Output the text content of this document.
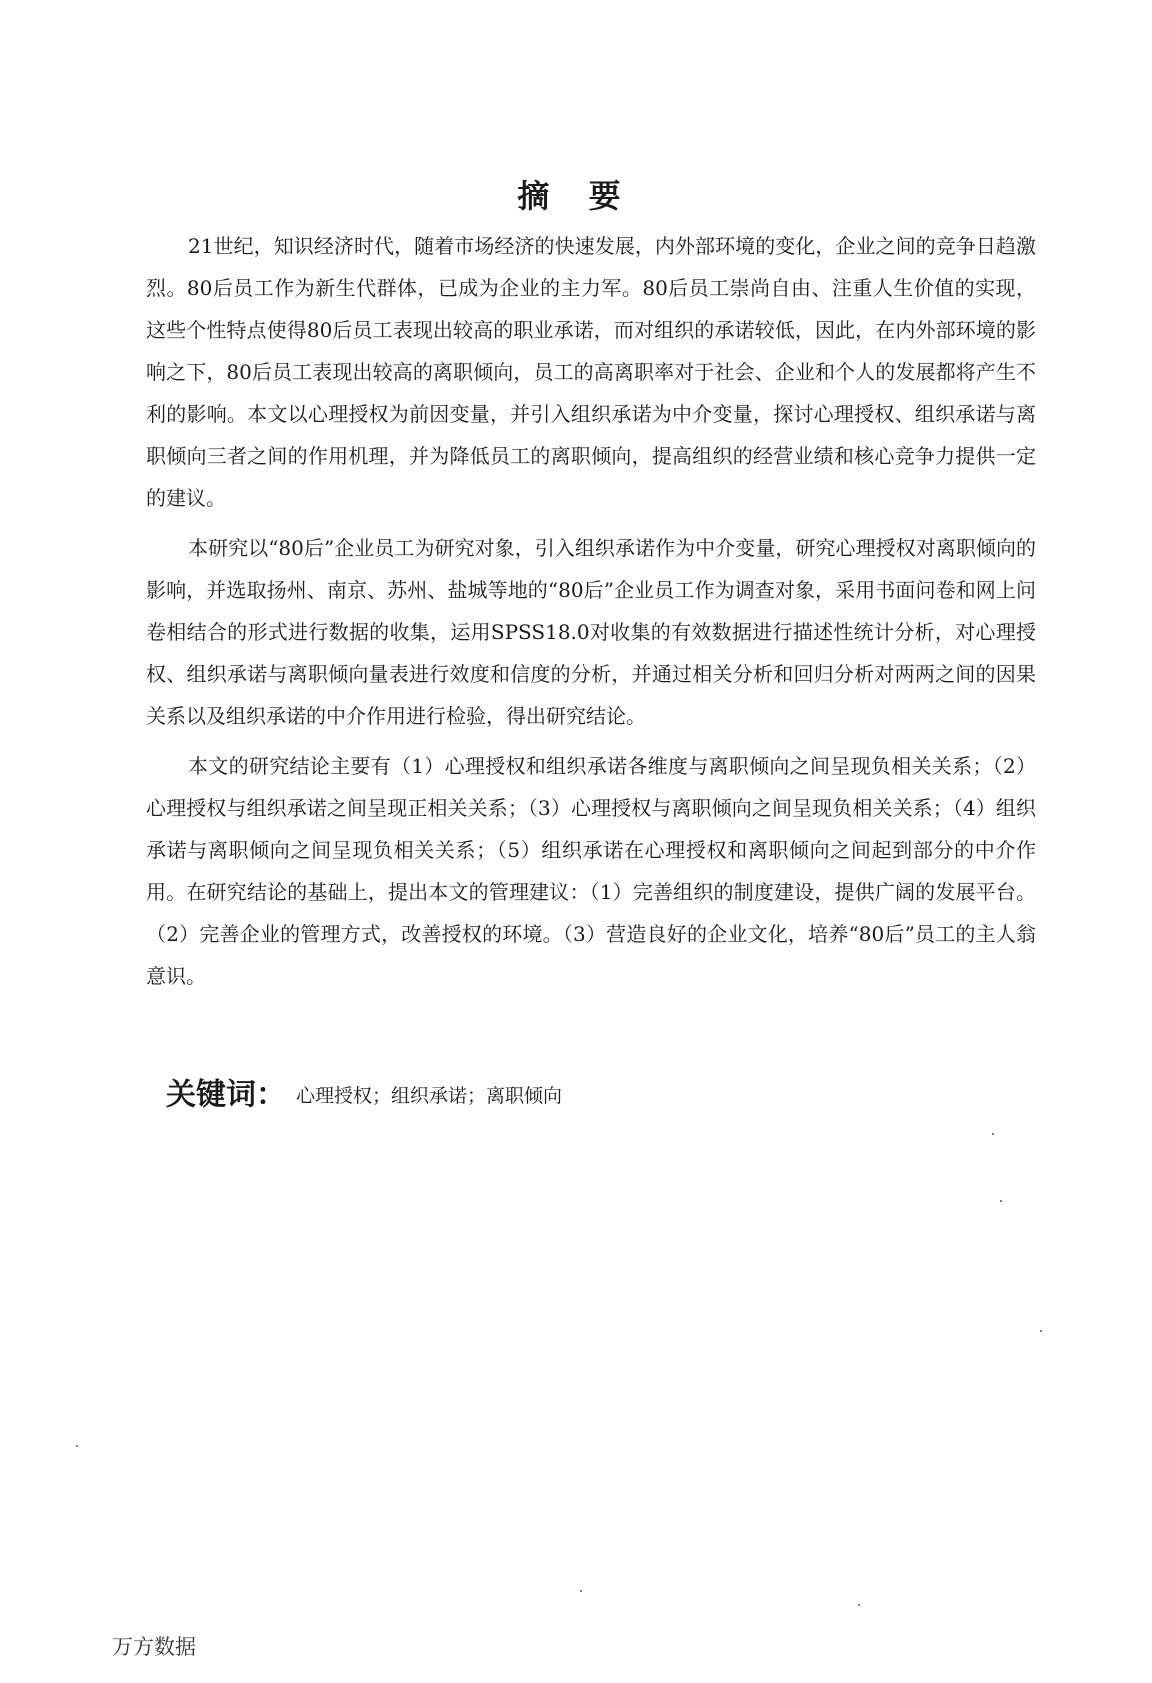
摘 要

21世纪，知识经济时代，随着市场经济的快速发展，内外部环境的变化，企业之间的竞争日趋激烈。80后员工作为新生代群体，已成为企业的主力军。80后员工崇尚自由、注重人生价值的实现，这些个性特点使得80后员工表现出较高的职业承诺，而对组织的承诺较低，因此，在内外部环境的影响之下，80后员工表现出较高的离职倾向，员工的高离职率对于社会、企业和个人的发展都将产生不利的影响。本文以心理授权为前因变量，并引入组织承诺为中介变量，探讨心理授权、组织承诺与离职倾向三者之间的作用机理，并为降低员工的离职倾向，提高组织的经营业绩和核心竞争力提供一定的建议。

本研究以“80后”企业员工为研究对象，引入组织承诺作为中介变量，研究心理授权对离职倾向的影响，并选取扬州、南京、苏州、盐城等地的“80后”企业员工作为调查对象，采用书面问卷和网上问卷相结合的形式进行数据的收集，运用SPSS18.0对收集的有效数据进行描述性统计分析，对心理授权、组织承诺与离职倾向量表进行效度和信度的分析，并通过相关分析和回归分析对两两之间的因果关系以及组织承诺的中介作用进行检验，得出研究结论。

本文的研究结论主要有（1）心理授权和组织承诺各维度与离职倾向之间呈现负相关关系；（2）心理授权与组织承诺之间呈现正相关关系；（3）心理授权与离职倾向之间呈现负相关关系；（4）组织承诺与离职倾向之间呈现负相关关系；（5）组织承诺在心理授权和离职倾向之间起到部分的中介作用。在研究结论的基础上，提出本文的管理建议：（1）完善组织的制度建设，提供广阔的发展平台。（2）完善企业的管理方式，改善授权的环境。（3）营造良好的企业文化，培养“80后”员工的主人翁意识。

关键词： 心理授权；组织承诺；离职倾向
万方数据
